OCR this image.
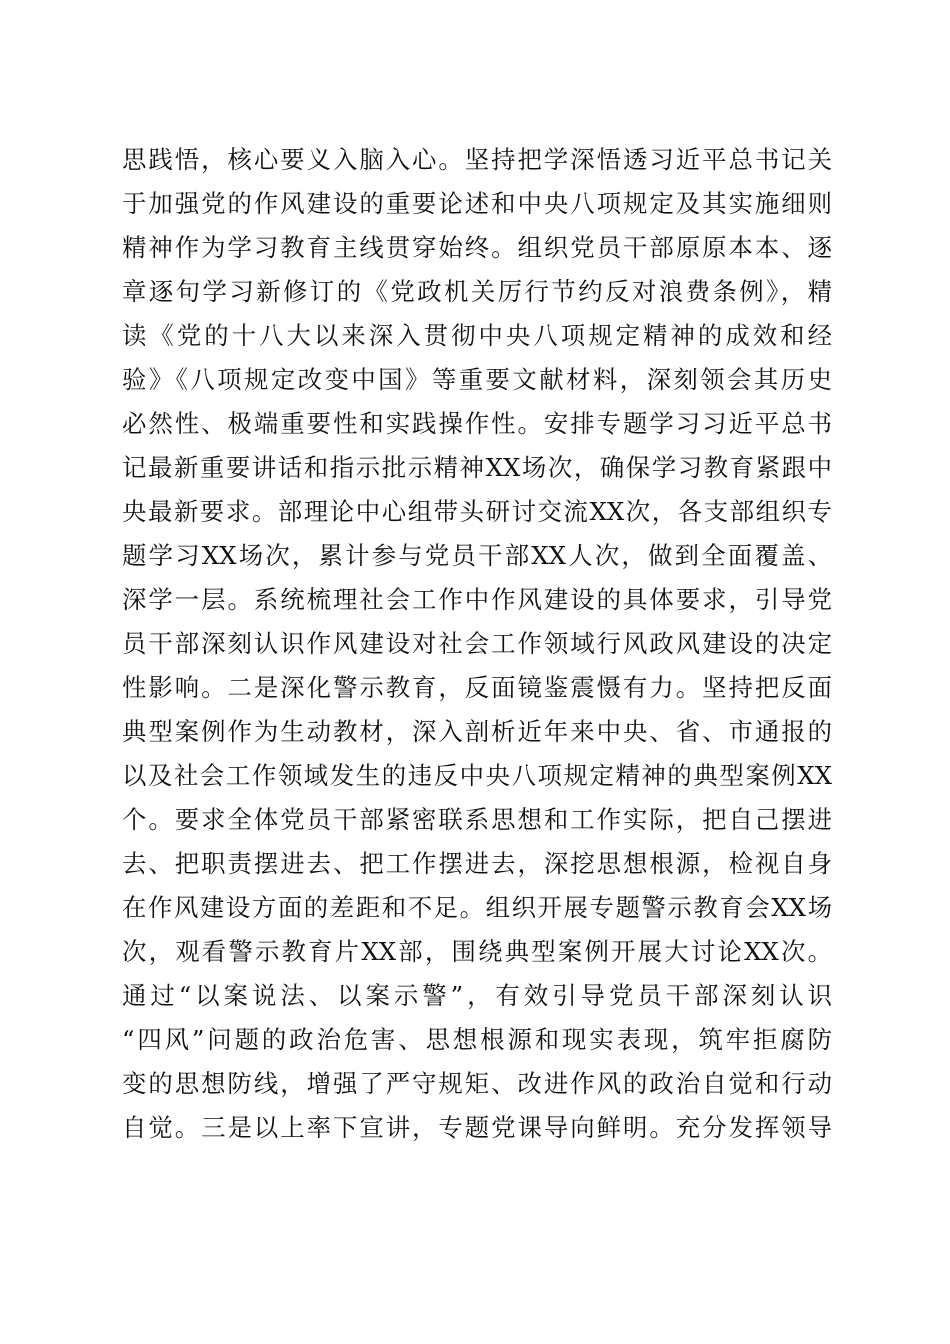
思践悟，核心要义入脑入心。坚持把学深悟透习近平总书记关
于加强党的作风建设的重要论述和中央八项规定及其实施细则
精神作为学习教育主线贯穿始终。组织党员干部原原本本、逐
章逐句学习新修订的《党政机关厉行节约反对浪费条例》，精
读《党的十八大以来深入贯彻中央八项规定精神的成效和经
验》《八项规定改变中国》等重要文献材料，深刻领会其历史
必然性、极端重要性和实践操作性。安排专题学习习近平总书
记最新重要讲话和指示批示精神XX场次，确保学习教育紧跟中
央最新要求。部理论中心组带头研讨交流XX次，各支部组织专
题学习XX场次，累计参与党员干部XX人次，做到全面覆盖、
深学一层。系统梳理社会工作中作风建设的具体要求，引导党
员干部深刻认识作风建设对社会工作领域行风政风建设的决定
性影响。二是深化警示教育，反面镜鉴震慑有力。坚持把反面
典型案例作为生动教材，深入剖析近年来中央、省、市通报的
以及社会工作领域发生的违反中央八项规定精神的典型案例XX
个。要求全体党员干部紧密联系思想和工作实际，把自己摆进
去、把职责摆进去、把工作摆进去，深挖思想根源，检视自身
在作风建设方面的差距和不足。组织开展专题警示教育会XX场
次，观看警示教育片XX部，围绕典型案例开展大讨论XX次。
通过“以案说法、以案示警”，有效引导党员干部深刻认识
“四风”问题的政治危害、思想根源和现实表现，筑牢拒腐防
变的思想防线，增强了严守规矩、改进作风的政治自觉和行动
自觉。三是以上率下宣讲，专题党课导向鲜明。充分发挥领导
